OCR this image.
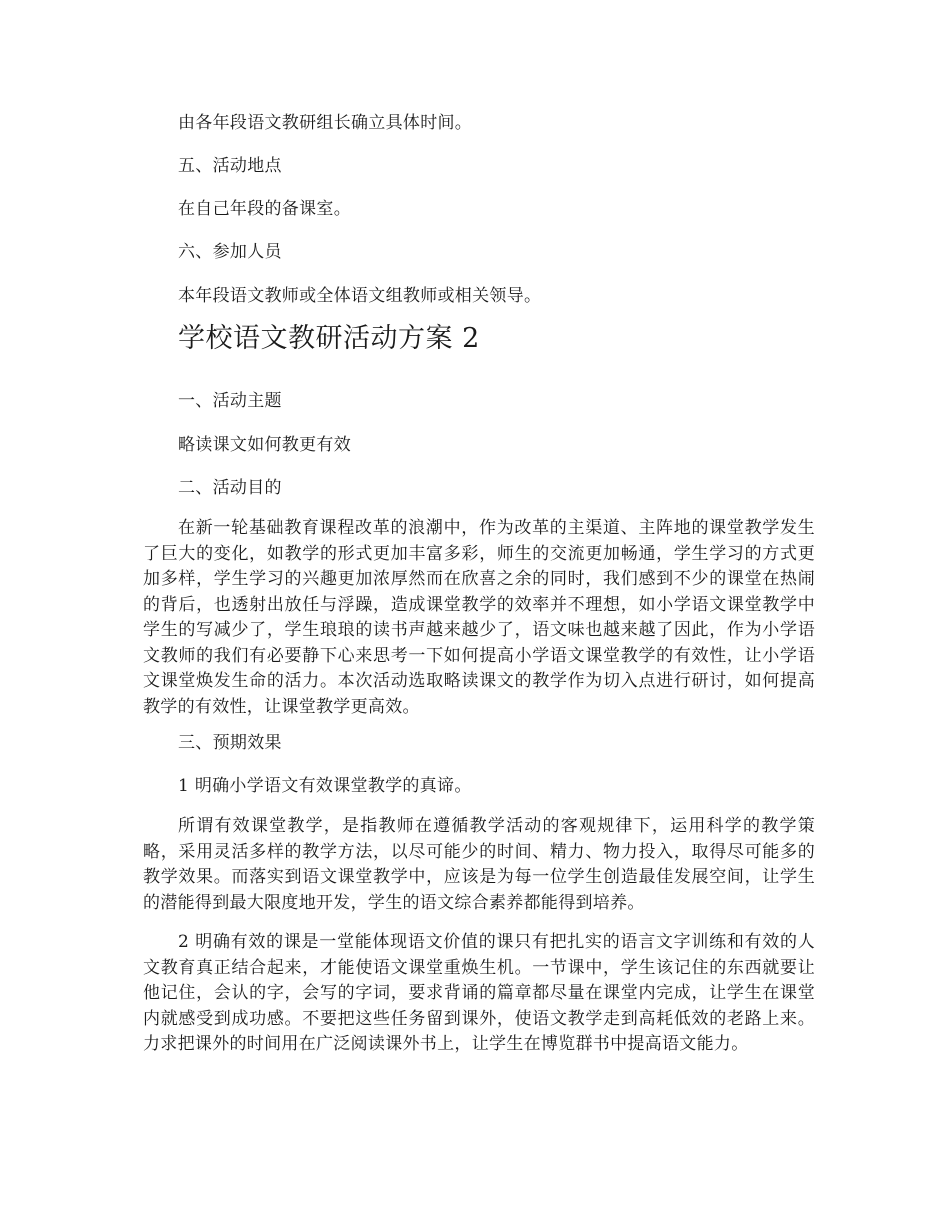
由各年段语文教研组长确立具体时间。
五、活动地点
在自己年段的备课室。
六、参加人员
本年段语文教师或全体语文组教师或相关领导。
学校语文教研活动方案 2
一、活动主题
略读课文如何教更有效
二、活动目的
在新一轮基础教育课程改革的浪潮中，作为改革的主渠道、主阵地的课堂教学发生了巨大的变化，如教学的形式更加丰富多彩，师生的交流更加畅通，学生学习的方式更加多样，学生学习的兴趣更加浓厚然而在欣喜之余的同时，我们感到不少的课堂在热闹的背后，也透射出放任与浮躁，造成课堂教学的效率并不理想，如小学语文课堂教学中学生的写减少了，学生琅琅的读书声越来越少了，语文味也越来越了因此，作为小学语文教师的我们有必要静下心来思考一下如何提高小学语文课堂教学的有效性，让小学语文课堂焕发生命的活力。本次活动选取略读课文的教学作为切入点进行研讨，如何提高教学的有效性，让课堂教学更高效。
三、预期效果
1 明确小学语文有效课堂教学的真谛。
所谓有效课堂教学，是指教师在遵循教学活动的客观规律下，运用科学的教学策略，采用灵活多样的教学方法，以尽可能少的时间、精力、物力投入，取得尽可能多的教学效果。而落实到语文课堂教学中，应该是为每一位学生创造最佳发展空间，让学生的潜能得到最大限度地开发，学生的语文综合素养都能得到培养。
2 明确有效的课是一堂能体现语文价值的课只有把扎实的语言文字训练和有效的人文教育真正结合起来，才能使语文课堂重焕生机。一节课中，学生该记住的东西就要让他记住，会认的字，会写的字词，要求背诵的篇章都尽量在课堂内完成，让学生在课堂内就感受到成功感。不要把这些任务留到课外，使语文教学走到高耗低效的老路上来。力求把课外的时间用在广泛阅读课外书上，让学生在博览群书中提高语文能力。
